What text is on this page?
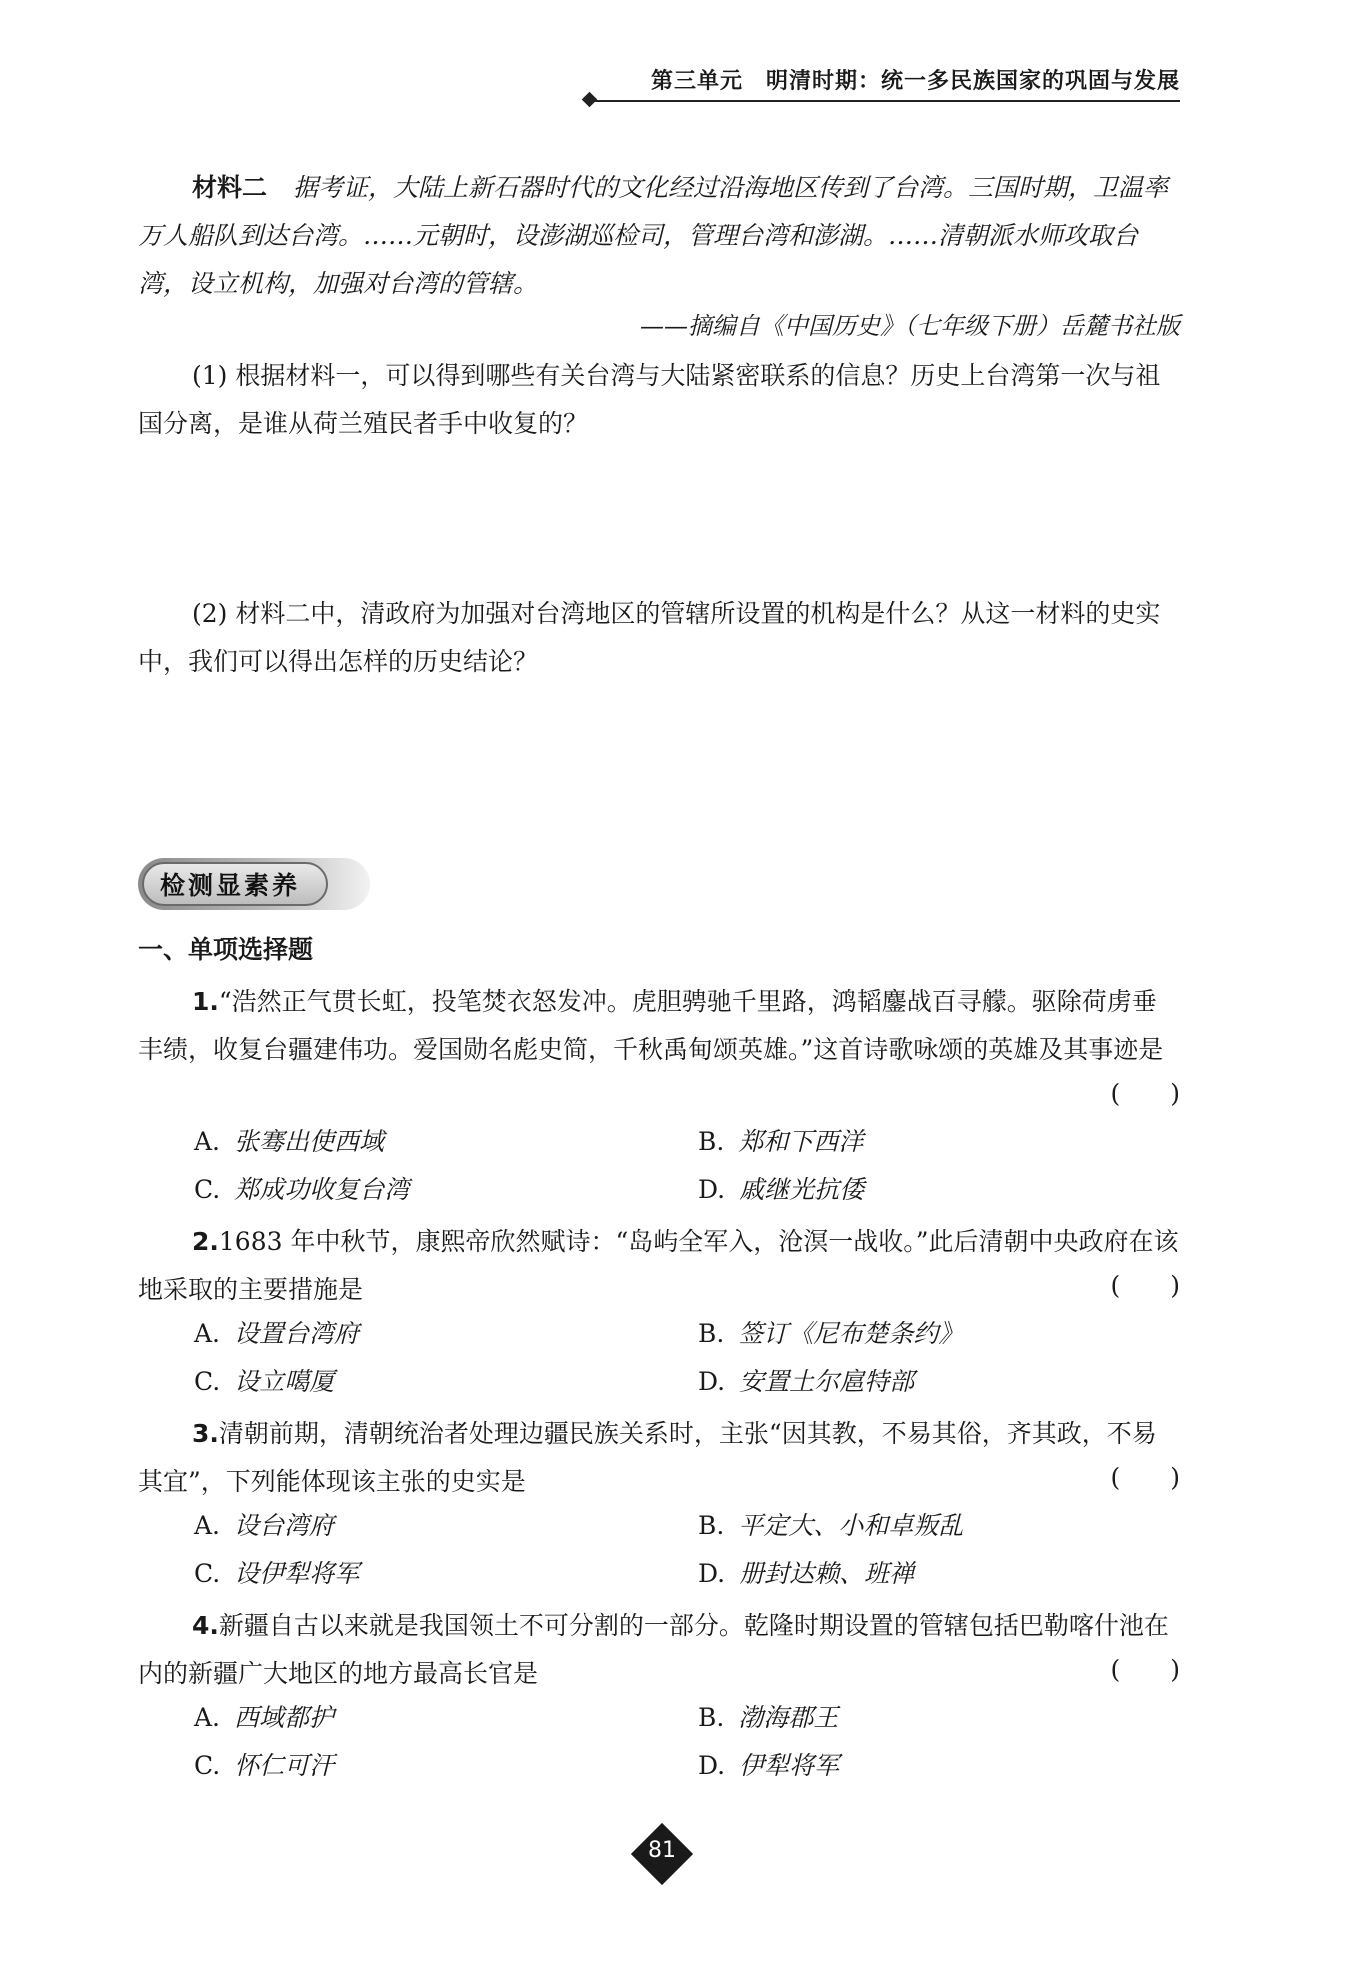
第三单元　明清时期：统一多民族国家的巩固与发展
材料二 据考证，大陆上新石器时代的文化经过沿海地区传到了台湾。三国时期，卫温率万人船队到达台湾。……元朝时，设澎湖巡检司，管理台湾和澎湖。……清朝派水师攻取台湾，设立机构，加强对台湾的管辖。
——摘编自《中国历史》（七年级下册）岳麓书社版
(1) 根据材料一，可以得到哪些有关台湾与大陆紧密联系的信息？历史上台湾第一次与祖国分离，是谁从荷兰殖民者手中收复的？
(2) 材料二中，清政府为加强对台湾地区的管辖所设置的机构是什么？从这一材料的史实中，我们可以得出怎样的历史结论？
检测显素养
一、单项选择题
1.“浩然正气贯长虹，投笔焚衣怒发冲。虎胆骋驰千里路，鸿韬鏖战百寻艨。驱除荷虏垂丰绩，收复台疆建伟功。爱国勋名彪史简，千秋禹甸颂英雄。”这首诗歌咏颂的英雄及其事迹是
(　　)
A. 张骞出使西域	B. 郑和下西洋
C. 郑成功收复台湾	D. 戚继光抗倭
2.1683 年中秋节，康熙帝欣然赋诗：“岛屿全军入，沧溟一战收。”此后清朝中央政府在该地采取的主要措施是	(　　)
A. 设置台湾府	B. 签订《尼布楚条约》
C. 设立噶厦	D. 安置土尔扈特部
3.清朝前期，清朝统治者处理边疆民族关系时，主张“因其教，不易其俗，齐其政，不易其宜”，下列能体现该主张的史实是	(　　)
A. 设台湾府	B. 平定大、小和卓叛乱
C. 设伊犁将军	D. 册封达赖、班禅
4.新疆自古以来就是我国领土不可分割的一部分。乾隆时期设置的管辖包括巴勒喀什池在内的新疆广大地区的地方最高长官是	(　　)
A. 西域都护	B. 渤海郡王
C. 怀仁可汗	D. 伊犁将军
81
